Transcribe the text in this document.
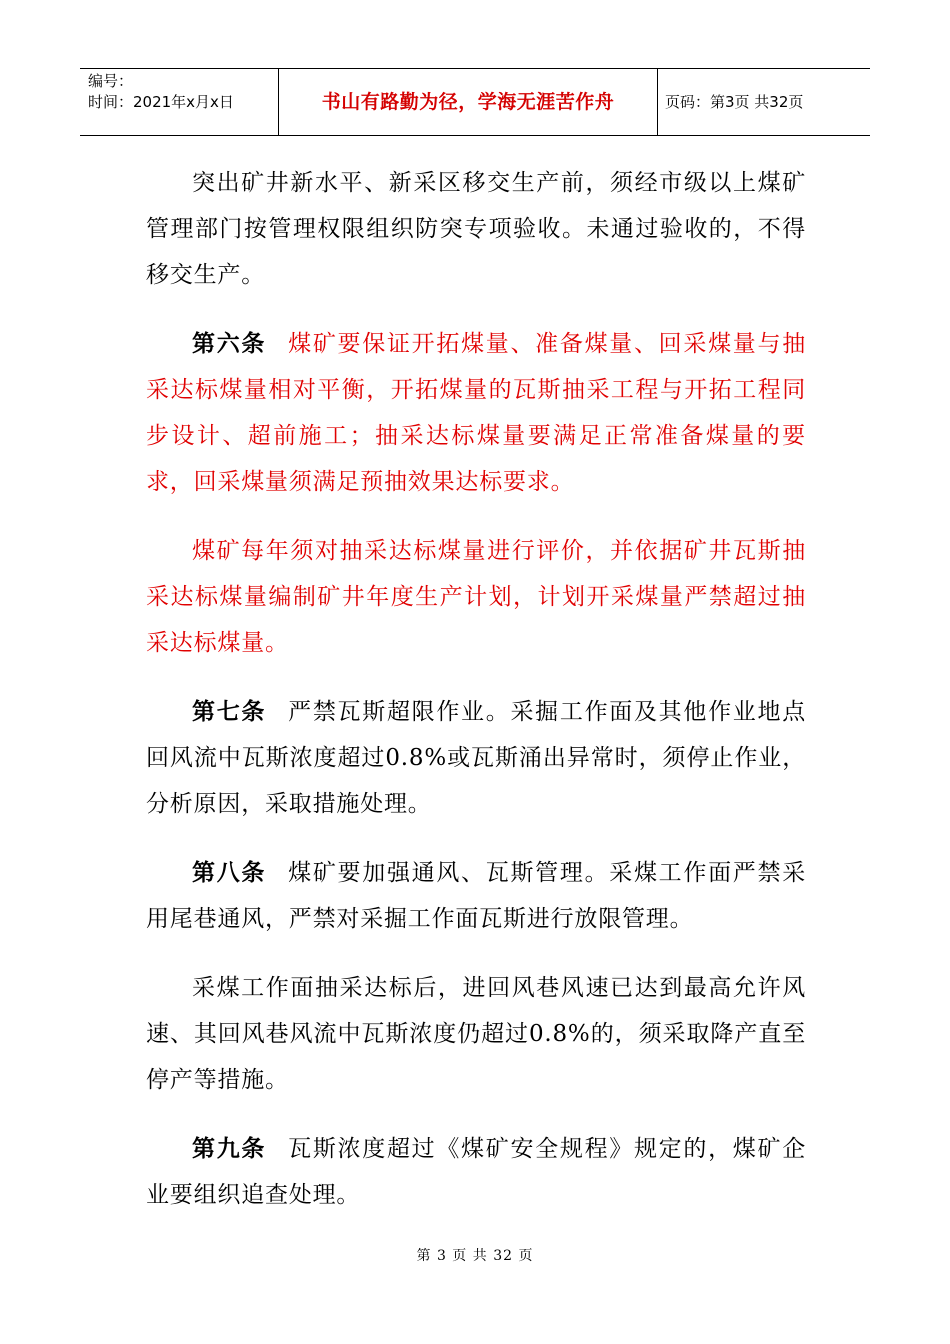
编号：
时间：2021年x月x日	书山有路勤为径，学海无涯苦作舟	页码：第3页 共32页

突出矿井新水平、新采区移交生产前，须经市级以上煤矿管理部门按管理权限组织防突专项验收。未通过验收的，不得移交生产。

第六条 煤矿要保证开拓煤量、准备煤量、回采煤量与抽采达标煤量相对平衡，开拓煤量的瓦斯抽采工程与开拓工程同步设计、超前施工；抽采达标煤量要满足正常准备煤量的要求，回采煤量须满足预抽效果达标要求。

煤矿每年须对抽采达标煤量进行评价，并依据矿井瓦斯抽采达标煤量编制矿井年度生产计划，计划开采煤量严禁超过抽采达标煤量。

第七条 严禁瓦斯超限作业。采掘工作面及其他作业地点回风流中瓦斯浓度超过0.8%或瓦斯涌出异常时，须停止作业，分析原因，采取措施处理。

第八条 煤矿要加强通风、瓦斯管理。采煤工作面严禁采用尾巷通风，严禁对采掘工作面瓦斯进行放限管理。

采煤工作面抽采达标后，进回风巷风速已达到最高允许风速、其回风巷风流中瓦斯浓度仍超过0.8%的，须采取降产直至停产等措施。

第九条 瓦斯浓度超过《煤矿安全规程》规定的，煤矿企业要组织追查处理。

第 3 页 共 32 页
